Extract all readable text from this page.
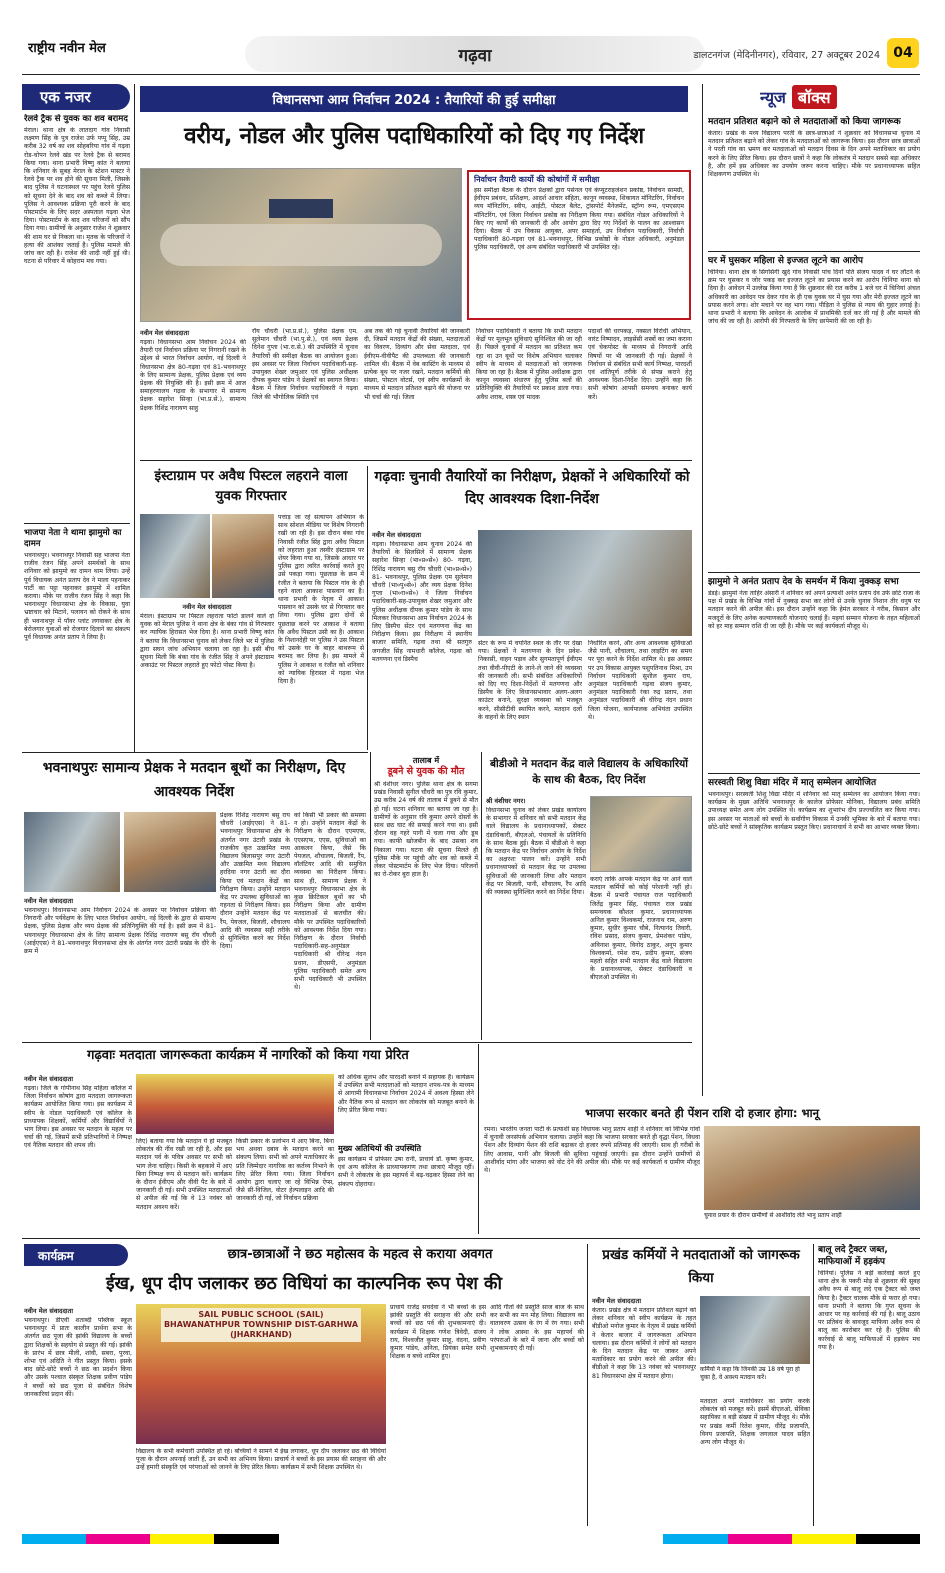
राष्ट्रीय नवीन मेल	गढ़वा	डालटनगंज (मेदिनीनगर), रविवार, 27 अक्टूबर 2024 04
एक नजर
रेलवे ट्रैक से युवक का शव बरामद
मेराल। थाना क्षेत्र के लातदाग गांव निवासी लक्ष्मण सिंह के पुत्र राजेश उर्फ पप्पू सिंह, उम्र करीब 32 वर्ष का शव सोहबरिया गांव में गढ़वा रोड-चोपन रेलवे खंड पर रेलवे ट्रैक से बरामद किया गया। थाना प्रभारी विष्णु कांत ने बताया कि शनिवार के सुबह मेराल के स्टेशन मास्टर ने रेलवे ट्रैक पर शव होने की सूचना मिली, जिसके बाद पुलिस ने घटनास्थल पर पहुंच रेलवे पुलिस को सूचना देने के बाद शव को कब्जे में लिया। पुलिस ने आवश्यक प्रक्रिया पूरी करने के बाद पोस्टमार्टम के लिए सदर अस्पताल गढ़वा भेज दिया। पोस्टमार्टम के बाद शव परिजनों को सौंप दिया गया। ग्रामीणों के अनुसार राजेश ने शुक्रवार की शाम घर से निकला था। मृतक के परिजनों ने हत्या की आशंका जताई है। पुलिस मामले की जांच कर रही है। राजेश की शादी नहीं हुई थी। घटना से परिवार में कोहराम मच गया।
भाजपा नेता ने थामा झामुमो का दामन
भवनाथपुर। भवनाथपुर निवासी सह भाजपा नेता राजीव रंजन सिंह अपने समर्थकों के साथ शनिवार को झामुमो का दामन थाम लिया। उन्हें पूर्व विधायक अनंत प्रताप देव ने माला पहनाकर पार्टी का पट्टा पहनाकर झामुमो में शामिल कराया। मौके पर राजीव रंजन सिंह ने कहा कि भवनाथपुर विधानसभा क्षेत्र के विकास, युवा भ्रष्टाचार को मिटाने, पलायन को रोकने के साथ ही भवनाथपुर में पॉवर प्लांट लगवाकर क्षेत्र के बेरोजगार युवाओं को रोजगार दिलाने का संकल्प पूर्व विधायक अनंत प्रताप ने लिया है।
विधानसभा आम निर्वाचन 2024 : तैयारियों की हुई समीक्षा
वरीय, नोडल और पुलिस पदाधिकारियों को दिए गए निर्देश
निर्वाचन तैयारी कार्यो की कोषांगों में समीक्षा
इस समीक्षा बैठक के दौरान प्रेक्षकों द्वारा पर्सनल एवं कंप्यूटराइजेशन प्रकोष्ठ, निर्वाचन सामग्री, ईवीएम प्रबंधन, प्रशिक्षण, आदर्श आचार संहिता, कानून व्यवस्था, शिकायत मॉनिटरिंग, निर्वाचन व्यय मॉनिटरिंग, स्वीप, आईटी, पोस्टल बैलेट, ट्रांसपोर्ट मैनेजमेंट, स्ट्रॉन्ग रूम, एमएसएम मॉनिटरिंग, एवं जिला निर्वाचन प्रकोष्ठ का निरीक्षण किया गया। संबंधित नोडल अधिकारियों ने किए गए कार्यों की जानकारी दी और आयोग द्वारा दिए गए निर्देशों के पालन का आश्वासन दिया। बैठक में उप विकास आयुक्त, अपर समाहर्ता, उप निर्वाचन पदाधिकारी, निर्वाची पदाधिकारी 80-गढ़वा एवं 81-भवनाथपुर, विभिन्न प्रकोष्ठों के नोडल अधिकारी, अनुमंडल पुलिस पदाधिकारी, एवं अन्य संबंधित पदाधिकारी भी उपस्थित रहे।
नवीन मेल संवाददाता
गढ़वा। विधानसभा आम निर्वाचन 2024 की तैयारी एवं निर्वाचन प्रक्रिया पर निगरानी रखने के उद्देश्य से भारत निर्वाचन आयोग, नई दिल्ली ने विधानसभा क्षेत्र 80-गढ़वा एवं 81-भवनाथपुर के लिए सामान्य प्रेक्षक, पुलिस प्रेक्षक एवं व्यय प्रेक्षक की नियुक्ति की है। इसी क्रम में आज समाहरणालय गढ़वा के सभागार में सामान्य प्रेक्षक सहारेश सिन्हा (भा.प्र.से.), सामान्य प्रेक्षक रिशिंद्र नारायण साहु
रॉय चौधरी (भा.प्र.से.), पुलिस प्रेक्षक एम. सुलेमान चौधरी (भा.पु.से.), एवं व्यय प्रेक्षक दिनेश गुप्ता (भा.रा.से.) की उपस्थिति में चुनाव तैयारियों की समीक्षा बैठक का आयोजन हुआ। इस अवसर पर जिला निर्वाचन पदाधिकारी-सह-उपायुक्त शेखर जमुआर एवं पुलिस अधीक्षक दीपक कुमार पांडेय ने प्रेक्षकों का स्वागत किया। बैठक में जिला निर्वाचन पदाधिकारी ने गढ़वा जिले की भौगोलिक स्थिति एवं
अब तक की गई चुनावी तैयारियों की जानकारी दी, जिसमें मतदान केंद्रों की संख्या, मतदाताओं का विवरण, दिव्यांग और सेवा मतदाता, एवं ईवीएम-वीवीपैट की उपलब्धता की जानकारी शामिल थी। बैठक में वेब कास्टिंग के माध्यम से प्रत्येक बूथ पर नजर रखने, मतदान कर्मियों की संख्या, पोस्टल वोटर्स, एवं स्वीप कार्यक्रमों के माध्यम से मतदान प्रतिशत बढ़ाने की योजना पर भी चर्चा की गई। जिला
निर्वाचन पदाधिकारी ने बताया कि सभी मतदान केंद्रों पर मूलभूत सुविधाएं सुनिश्चित की जा रही हैं। पिछले चुनावों में मतदान का प्रतिशत कम रहा था उन बूथों पर विशेष अभियान चलाकर स्वीप के माध्यम से मतदाताओं को जागरूक किया जा रहा है। बैठक में पुलिस अधीक्षक द्वारा कानून व्यवस्था संधारण हेतु पुलिस बलों की प्रतिनियुक्ति की तैयारियों पर प्रकाश डाला गया। अवैध शराब, शस्त्र एवं मादक
पदार्थों की धरपकड़, नक्सल विरोधी अभियान, वारंट निष्पादन, लाइसेंसी शस्त्रों का जमा कराना एवं चेकपोस्ट के माध्यम से निगरानी आदि विषयों पर भी जानकारी दी गई। प्रेक्षकों ने निर्वाचन से संबंधित सभी कार्य निष्पक्ष, पारदर्शी एवं शांतिपूर्ण तरीके से संपन्न कराने हेतु आवश्यक दिशा-निर्देश दिए। उन्होंने कहा कि सभी कोषांग आपसी समन्वय बनाकर कार्य करें।
इंस्टाग्राम पर अवैध पिस्टल लहराने वाला युवक गिरफ्तार
नवीन मेल संवाददाता
मेराल। इंस्टाग्राम पर पिस्टल लहराता फोटो डालने वाले दो युवक को मेराल पुलिस ने थाना क्षेत्र के बंका गांव से गिरफ्तार कर न्यायिक हिरासत भेज दिया है। थाना प्रभारी विष्णु कांत ने बताया कि विधानसभा चुनाव को लेकर जिले भर में पुलिस द्वारा सघन जांच अभियान चलाया जा रहा है। इसी बीच सूचना मिली कि बंका गांव के रंजीत सिंह ने अपने इंस्टाग्राम अकाउंट पर पिस्टल लहराते हुए फोटो पोस्ट किया है।
पत्ताड़ जा रहे सत्यापन अभियान के साथ सोशल मीडिया पर विशेष निगरानी रखी जा रही है। इस दौरान बंका गांव निवासी रंजीत सिंह द्वारा अवैध पिस्टल को लहराता हुआ तस्वीर इंस्टाग्राम पर शेयर किया गया था, जिसके आधार पर पुलिस द्वारा त्वरित कार्रवाई करते हुए उसे पकड़ा गया। पूछताछ के क्रम में रंजीत ने बताया कि पिस्टल गांव के ही रहने वाला आकाश पासवान का है। थाना प्रभारी के नेतृत्व में आकाश पासवान को उसके घर से गिरफ्तार कर लिया गया। पुलिस द्वारा दोनों से पूछताछ करने पर आकाश ने बताया कि अवैध पिस्टल उसी का है। आकाश के निशानदेही पर पुलिस ने उस पिस्टल को उसके घर के बाहर बाथरूम से बरामद कर लिया है। इस मामले में पुलिस ने आकाश व रंजीत को शनिवार को न्यायिक हिरासत में गढ़वा भेज दिया है।
गढ़वाः चुनावी तैयारियों का निरीक्षण, प्रेक्षकों ने अधिकारियों को दिए आवश्यक दिशा-निर्देश
नवीन मेल संवाददाता
गढ़वा। विधानसभा आम चुनाव 2024 की तैयारियों के सिलसिले में सामान्य प्रेक्षक सहारेश सिन्हा (भा०प्र०से०) 80- गढ़वा, रिशिंद्र नारायण बसु रॉय चौधरी (भा०प्र०से०) 81- भवनाथपुर, पुलिस प्रेक्षक एम सुलेमान चौधरी (भा०पु०से०) और व्यय प्रेक्षक दिनेश गुप्ता (भा०रा०से०) ने जिला निर्वाचन पदाधिकारी-सह-उपायुक्त शेखर जमुआर और पुलिस अधीक्षक दीपक कुमार पांडेय के साथ मिलकर विधानसभा आम निर्वाचन 2024 के लिए डिस्पैच सेंटर एवं मतगणना केंद्र का निरीक्षण किया। इस निरीक्षण में स्थानीय बाजार समिति, गढ़वा तथा श्री सतगुरु जगजीत सिंह नामधारी कॉलेज, गढ़वा को मतगणना एवं डिस्पैच
सेंटर के रूप में चयनित स्थल के तौर पर देखा गया। प्रेक्षकों ने मतगणना के दिन प्रवेश-निकासी, वाहन पड़ाव और सुगमतापूर्ण ईवीएम तथा वीवी-पीएटी के लाने-ले जाने की व्यवस्था की जानकारी ली। सभी संबंधित अधिकारियों को दिए गए दिशा-निर्देशों में मतगणना और डिस्पैच के लिए विधानसभावार अलग-अलग काउंटर बनाने, सुरक्षा व्यवस्था को मजबूत करने, सीसीटीवी स्थापित करने, मतदान दलों के वाहनों के लिए स्थान
निर्धारित करने, और अन्य आवश्यक सुविधाओं जैसे पानी, शौचालय, तथा लाइटिंग का समय पर पूरा करने के निर्देश शामिल थे। इस अवसर पर उप विकास आयुक्त पशुपतिनाथ मिश्रा, उप निर्वाचन पदाधिकारी सुशील कुमार राय, अनुमंडल पदाधिकारी गढ़वा संजय कुमार, अनुमंडल पदाधिकारी रंका रुद्र प्रताप, तथा अनुमंडल पदाधिकारी श्री धीरेन्द्र नंदन प्रधान जिला योजना, कार्यपालक अभियंता उपस्थित थे।
न्यूज बॉक्स
मतदान प्रतिशत बढ़ाने को ले मतदाताओं को किया जागरूक
केतार। प्रखंड के मध्य विद्यालय परती के छात्र-छात्राओं ने शुक्रवार को विधानसभा चुनाव में मतदान प्रतिशत बढ़ाने को लेकर गांव के मतदाताओं को जागरूक किया। इस दौरान छात्र छात्राओं ने परती गांव का भ्रमण कर मतदाताओं को मतदान दिवस के दिन अपने मताधिकार का प्रयोग करने के लिए प्रेरित किया। इस दौरान छात्रों ने कहा कि लोकतंत्र में मतदान सबसे बड़ा अधिकार है, और हमें इस अधिकार का उपयोग जरूर करना चाहिए। मौके पर प्रधानाध्यापक सहित शिक्षकगण उपस्थित थे।
घर में घुसकर महिला से इज्जत लूटने का आरोप
चिनिया। थाना क्षेत्र के सिगसिगी खुर्द गांव निवासी पांच दिनों पति संजय यादव ने घर लौटने के क्रम पर घुसकर व जोर पकड़ कर इज्जत लूटने का प्रयास करने का आरोप चिनिया थाना को दिया है। आवेदन में उल्लेख किया गया है कि शुक्रवार की रात करीब 1 बजे घर में चिनियां अंचल अधिकारी का आवेदन पत्र देकर गांव के ही एक युवक घर में घुस गया और मेरी इज्जत लूटने का प्रयास करने लगा। शोर मचाने पर वह भाग गया। पीड़िता ने पुलिस से न्याय की गुहार लगाई है। थाना प्रभारी ने बताया कि आवेदन के आलोक में प्राथमिकी दर्ज कर ली गई है और मामले की जांच की जा रही है। आरोपी की गिरफ्तारी के लिए छापेमारी की जा रही है।
झामुमो ने अनंत प्रताप देव के समर्थन में किया नुक्कड़ सभा
डंडई। झामुमो नेता ताहिर अंसारी ने शनिवार को अपने प्रत्याशी अनंत प्रताप देव उर्फ छोटे राजा के पक्ष में प्रखंड के विभिन्न गांवों में नुक्कड़ सभा कर लोगों से उनके चुनाव निशान तीर धनुष पर मतदान करने की अपील की। इस दौरान उन्होंने कहा कि हेमंत सरकार ने गरीब, किसान और मजदूरों के लिए अनेक कल्याणकारी योजनाएं चलाई हैं। मइयां सम्मान योजना के तहत महिलाओं को हर माह सम्मान राशि दी जा रही है। मौके पर कई कार्यकर्ता मौजूद थे।
सरस्वती शिशु विद्या मंदिर में मातृ सम्मेलन आयोजित
भवनाथपुर। सरस्वती शिशु विद्या मंदिर में शनिवार को मातृ सम्मेलन का आयोजन किया गया। कार्यक्रम के मुख्य अतिथि भवनाथपुर के कालेज प्रोफेसर मोनिका, विद्यालय प्रबंध समिति उपाध्यक्ष समेत अन्य लोग उपस्थित थे। कार्यक्रम का शुभारंभ दीप प्रज्ज्वलित कर किया गया। इस अवसर पर माताओं को बच्चों के सर्वांगीण विकास में उनकी भूमिका के बारे में बताया गया। छोटे-छोटे बच्चों ने सांस्कृतिक कार्यक्रम प्रस्तुत किए। प्रधानाचार्य ने सभी का आभार व्यक्त किया।
भवनाथपुरः सामान्य प्रेक्षक ने मतदान बूथों का निरीक्षण, दिए आवश्यक निर्देश
नवीन मेल संवाददाता
भवनाथपुर। विधानसभा आम निर्वाचन 2024 के अवसर पर निर्वाचन प्रक्रिया की निगरानी और पर्यवेक्षण के लिए भारत निर्वाचन आयोग, नई दिल्ली के द्वारा से सामान्य प्रेक्षक, पुलिस प्रेक्षक और व्यय प्रेक्षक की प्रतिनियुक्ति की गई है। इसी क्रम में 81-भवनाथपुर विधानसभा क्षेत्र के लिए सामान्य प्रेक्षक रिशिंद्र नारायण बसु रॉय चौधरी (आईएएस) ने 81-भवनाथपुर विधानसभा क्षेत्र के अंतर्गत नगर उंटारी प्रखंड के दौरे के क्रम में
प्रेक्षक रिशिंद्र नारायण बसु राय चौधरी (आईएएस) ने 81-भवनाथपुर विधानसभा क्षेत्र के अंतर्गत नगर उंटारी प्रखंड के राजकीय कृत उत्क्रमित मध्य विद्यालय बिलासपुर नगर उंटारी और उत्क्रमित मध्य विद्यालय हरदिया नगर उंटारी का दौरा किया एवं मतदान केंद्रों का निरीक्षण किया। उन्होंने मतदान केंद्र पर उपलब्ध सुविधाओं का गहनता से निरीक्षण किया। इस दौरान उन्होंने मतदान केंद्र पर रैंप, पेयजल, बिजली, शौचालय आदि की व्यवस्था सही तरीके से सुनिश्चित करने का निर्देश दिया।
को किसी भी प्रकार की समस्या न हो। उन्होंने मतदान केंद्रों के निरीक्षण के दौरान एएमएफ, एएसएफ, एएस, सुविधाओं का आकलन किया, जैसे कि पेयजल, शौचालय, बिजली, रैंप, वॉलंटियर आदि की समुचित व्यवस्था का निरीक्षण किया। साथ ही, सामान्य प्रेक्षक ने भवनाथपुर विधानसभा क्षेत्र के कुछ क्रिटिकल बूथों का भी निरीक्षण किया और ग्रामीण मतदाताओं से बातचीत की। मौके पर उपस्थित पदाधिकारियों को आवश्यक निर्देश दिया गया। निरीक्षण के दौरान निर्वाची पदाधिकारी-सह-अनुमंडल पदाधिकारी श्री धीरेन्द्र नंदन प्रधान, डीएसपी, अनुमंडल पुलिस पदाधिकारी समेत अन्य सभी पदाधिकारी भी उपस्थित थे।
तालाब में
डूबने से युवक की मौत
श्री वंशीधर नगर। पुलिस थाना क्षेत्र के सगमा प्रखंड निवासी सुनील चौधरी का पुत्र रवि कुमार, उम्र करीब 24 वर्ष की तालाब में डूबने से मौत हो गई। घटना शनिवार का बताया जा रहा है। ग्रामीणों के अनुसार रवि कुमार अपने दोस्तों के साथ छठ घाट की सफाई करने गया था। इसी दौरान वह गहरे पानी में चला गया और डूब गया। काफी खोजबीन के बाद उसका शव निकाला गया। घटना की सूचना मिलते ही पुलिस मौके पर पहुंची और शव को कब्जे में लेकर पोस्टमार्टम के लिए भेज दिया। परिजनों का रो-रोकर बुरा हाल है।
बीडीओ ने मतदान केंद्र वाले विद्यालय के अधिकारियों के साथ की बैठक, दिए निर्देश
श्री वंशीधर नगर।
विधानसभा चुनाव को लेकर प्रखंड कार्यालय के सभागार में शनिवार को सभी मतदान केंद्र वाले विद्यालय के प्रधानाध्यापकों, सेक्टर दंडाधिकारी, बीएलओ, पंचायतों के प्रतिनिधि के साथ बैठक हुई। बैठक में बीडीओ ने कहा कि मतदान केंद्र पर निर्वाचन आयोग के निर्देश का अक्षरशः पालन करें। उन्होंने सभी प्रधानाध्यापकों से मतदान केंद्र पर उपलब्ध सुविधाओं की जानकारी लिया और मतदान केंद्र पर बिजली, पानी, शौचालय, रैंप आदि की व्यवस्था सुनिश्चित करने का निर्देश दिया।
कराएं ताकि आपके मतदान केंद्र पर आने वाले मतदान कर्मियों को कोई परेशानी नहीं हो। बैठक में प्रभारी पंचायत राज पदाधिकारी जितेंद्र कुमार सिंह, पंचायत राज प्रखंड समन्वयक कौशल कुमार, प्रधानाध्यापक अनिल कुमार विश्वकर्मा, राजनाथ राम, अरुण कुमार, सुधीर कुमार चौबे, नित्यानंद तिवारी, रविश प्रसाद, संजय कुमार, प्रेमशंकर पांडेय, अविनाश कुमार, विनोद ठाकुर, अनूप कुमार विश्वकर्मा, रमेश राम, प्रदीप कुमार, संजय महतो सहित सभी मतदान केंद्र वाले विद्यालय के प्रधानाध्यापक, सेक्टर दंडाधिकारी व बीएलओ उपस्थित थे।
गढ़वाः मतदाता जागरूकता कार्यक्रम में नागरिकों को किया गया प्रेरित
नवीन मेल संवाददाता
गढ़वा। जिले के गोपीनाथ सिंह महिला कॉलेज में जिला निर्वाचन कोषांग द्वारा मतदाता जागरूकता कार्यक्रम आयोजित किया गया। इस कार्यक्रम में स्वीप के नोडल पदाधिकारी एवं कॉलेज के प्राध्यापक शिक्षकों, कर्मियों और विद्यार्थियों ने भाग लिया। इस अवसर पर मतदान के महत्व पर चर्चा की गई, जिसमें सभी प्रतिभागियों ने निष्पक्ष एवं नैतिक मतदान की शपथ ली।
लिए) बताया गया कि मतदान ये हो मजबूत लोकतंत्र की नींव रखी जा रही है, और इस मतदान पर्व के पवित्र अवसर पर सभी को भाग लेना चाहिए। किसी के बहकावे में आए बिना निष्पक्ष रूप से मतदान करें। कार्यक्रम के दौरान ईवीएम और वीवी पैट के बारे में जानकारी दी गई। सभी उपस्थित मतदाताओं से अपील की गई कि वे 13 नवंबर को मतदान अवश्य करें।
किसी प्रकार के प्रलोभन में आए बिना, बिना भय अथवा दबाव के मतदान करने का संकल्प लिया। सभी को अपने मताधिकार के प्रति जिम्मेदार नागरिक का कर्तव्य निभाने के लिए प्रेरित किया गया। जिला निर्वाचन आयोग द्वारा चलाए जा रहे विभिन्न ऐप्स, जैसे सी-विजिल, वोटर हेल्पलाइन आदि की जानकारी दी गई, जो निर्वाचन प्रक्रिया
को अधिक सुलभ और पारदर्शी बनाने में सहायक हैं। कार्यक्रम में उपस्थित सभी मतदाताओं को मतदान शपथ-पत्र के माध्यम से आगामी विधानसभा निर्वाचन 2024 में अवश्य हिस्सा लेने और नैतिक रूप से मतदान कर लोकतंत्र को मजबूत बनाने के लिए प्रेरित किया गया।
मुख्य अतिथियों की उपस्थिति
इस कार्यक्रम में प्रोफेसर उषा रानी, प्राचार्य डॉ. कृष्ण कुमार, एवं अन्य कॉलेज के प्राध्यापकगण तथा छात्राएं मौजूद रहीं। सभी ने लोकतंत्र के इस महापर्व में बढ़-चढ़कर हिस्सा लेने का संकल्प दोहराया।
भाजपा सरकार बनते ही पेंशन राशि दो हजार होगा: भानू
रमना। भारतीय जनता पार्टी के प्रत्याशी सह विधायक भानु प्रताप शाही ने शनिवार को विभिन्न गांवों में चुनावी जनसंपर्क अभियान चलाया। उन्होंने कहा कि भाजपा सरकार बनते ही वृद्धा पेंशन, विधवा पेंशन और दिव्यांग पेंशन की राशि बढ़ाकर दो हजार रुपये प्रतिमाह की जाएगी। साथ ही गरीबों के लिए आवास, पानी और बिजली की सुविधा पहुंचाई जाएगी। इस दौरान उन्होंने ग्रामीणों से आशीर्वाद मांगा और भाजपा को वोट देने की अपील की। मौके पर कई कार्यकर्ता व ग्रामीण मौजूद थे।
चुनाव प्रचार के दौरान ग्रामीणों से आशीर्वाद लेते भानु प्रताप शाही
कार्यक्रम	छात्र-छात्राओं ने छठ महोत्सव के महत्व से कराया अवगत
ईख, धूप दीप जलाकर छठ विधियां का काल्पनिक रूप पेश की
नवीन मेल संवाददाता
भवनाथपुर। डीएवी शताब्दी पब्लिक स्कूल भवनाथपुर में प्रातः कालीन प्रार्थना सभा के अंतर्गत छठ पूजा की झांकी विद्यालय के बच्चों द्वारा शिक्षकों के सहयोग से प्रस्तुत की गई। झांकी के प्रारंभ में छात्र मीली, शांवी, सबरा, पुरवा, शोभा एवं अदिति ने गीत प्रस्तुत किया। इसके बाद छोटे-छोटे बच्चों ने छठ का प्रदर्शन किया और उसके पश्चात संस्कृत शिक्षक प्रवीण पांडेय ने बच्चों को छठ पूजा से संबंधित विशेष जानकारियां प्रदान कीं।
SAIL PUBLIC SCHOOL (SAIL) BHAWANATHPUR TOWNSHIP DIST-GARHWA (JHARKHAND)
विद्यालय के सभी कर्मचारी उपस्थित हो रहे। बच्चियों ने सामने में ईख लगाकर, धूप दीप जलाकर छठ की विधियां पूजा के दौरान अपनाई जाती हैं, उन सभी का अभिनय किया। प्राचार्य ने बच्चों के इस प्रयास की सराहना की और उन्हें हमारी संस्कृति एवं परंपराओं को जानने के लिए प्रेरित किया। कार्यक्रम में सभी शिक्षक उपस्थित थे।
प्राचार्य राजेंद्र सचदेवा ने भी बच्चों के इस झांकी प्रस्तुति की सराहना की और सभी बच्चों को छठ पर्व की शुभकामनाएं दी। कार्यक्रम में शिक्षक गणेश त्रिवेदी, संजय राय, विश्वजीत कुमार साहू, वंदना, प्रवीण कुमार पांडेय, अनिता, प्रियंका समेत सभी शिक्षक व बच्चे शामिल हुए।
आदि गीतों की प्रस्तुति साज बाज के साथ कर सभी का मन मोह लिया। विद्यालय का वातावरण उत्सव के रंग में रंग गया। सभी ने लोक आस्था के इस महापर्व की परंपराओं के बारे में जाना और बच्चों को शुभकामनाएं दी गईं।
प्रखंड कर्मियों ने मतदाताओं को जागरूक किया
नवीन मेल संवाददाता
केतार। प्रखंड क्षेत्र में मतदान प्रतिशत बढ़ाने को लेकर शनिवार को स्वीप कार्यक्रम के तहत बीडीओ मनोज कुमार के नेतृत्व में प्रखंड कर्मियों ने केतार बाजार में जागरूकता अभियान चलाया। इस दौरान कर्मियों ने लोगों को मतदान के दिन मतदान केंद्र पर जाकर अपने मताधिकार का प्रयोग करने की अपील की। बीडीओ ने कहा कि 13 नवंबर को भवनाथपुर 81 विधानसभा क्षेत्र में मतदान होगा।
कर्मियों ने कहा कि जिनकी उम्र 18 वर्ष पूरा हो चुका है, वे अवश्य मतदान करें।
मतदाता अपने मताधिकार का प्रयोग करके लोकतंत्र को मजबूत करें। इसमें बीएलओ, सेविका सहायिका व बड़ी संख्या में ग्रामीण मौजूद थे। मौके पर प्रखंड कर्मी रितेश कुमार, धीरेंद्र प्रजापति, विनय प्रजापति, शिक्षक जगलाल यादव सहित अन्य लोग मौजूद थे।
बालू लदे ट्रैक्टर जब्त, माफियाओं में हड़कंप
चिनियां। पुलिस ने बड़ी कार्रवाई करते हुए थाना क्षेत्र के पकरी मोड़ से शुक्रवार की सुबह अवैध रूप से बालू लदे एक ट्रैक्टर को जब्त किया है। ट्रैक्टर चालक मौके से फरार हो गया। थाना प्रभारी ने बताया कि गुप्त सूचना के आधार पर यह कार्रवाई की गई है। बालू उठाव पर प्रतिबंध के बावजूद माफिया अवैध रूप से बालू का कारोबार कर रहे हैं। पुलिस की कार्रवाई से बालू माफियाओं में हड़कंप मच गया है।
